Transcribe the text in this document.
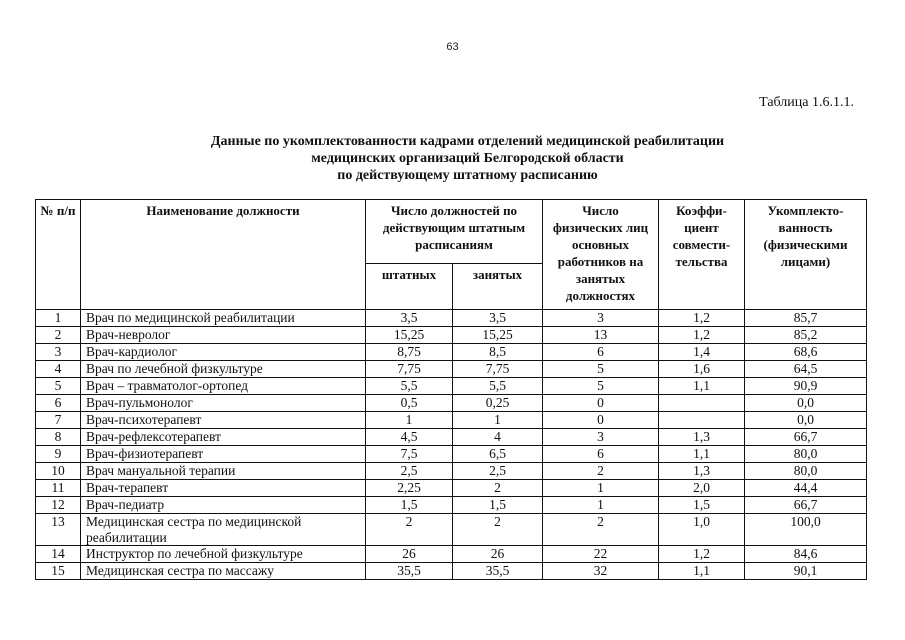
63
Таблица 1.6.1.1.
Данные по укомплектованности кадрами отделений медицинской реабилитации
медицинских организаций Белгородской области
по действующему штатному расписанию
№ п/п	Наименование должности	Число должностей по действующим штатным расписаниям		Число физических лиц основных работников на занятых должностях	Коэффи-циент совмести-тельства	Укомплекто-ванность (физическими лицами)
		штатных	занятых			
1	Врач по медицинской реабилитации	3,5	3,5	3	1,2	85,7
2	Врач-невролог	15,25	15,25	13	1,2	85,2
3	Врач-кардиолог	8,75	8,5	6	1,4	68,6
4	Врач по лечебной физкультуре	7,75	7,75	5	1,6	64,5
5	Врач – травматолог-ортопед	5,5	5,5	5	1,1	90,9
6	Врач-пульмонолог	0,5	0,25	0		0,0
7	Врач-психотерапевт	1	1	0		0,0
8	Врач-рефлексотерапевт	4,5	4	3	1,3	66,7
9	Врач-физиотерапевт	7,5	6,5	6	1,1	80,0
10	Врач мануальной терапии	2,5	2,5	2	1,3	80,0
11	Врач-терапевт	2,25	2	1	2,0	44,4
12	Врач-педиатр	1,5	1,5	1	1,5	66,7
13	Медицинская сестра по медицинской реабилитации	2	2	2	1,0	100,0
14	Инструктор по лечебной физкультуре	26	26	22	1,2	84,6
15	Медицинская сестра по массажу	35,5	35,5	32	1,1	90,1
